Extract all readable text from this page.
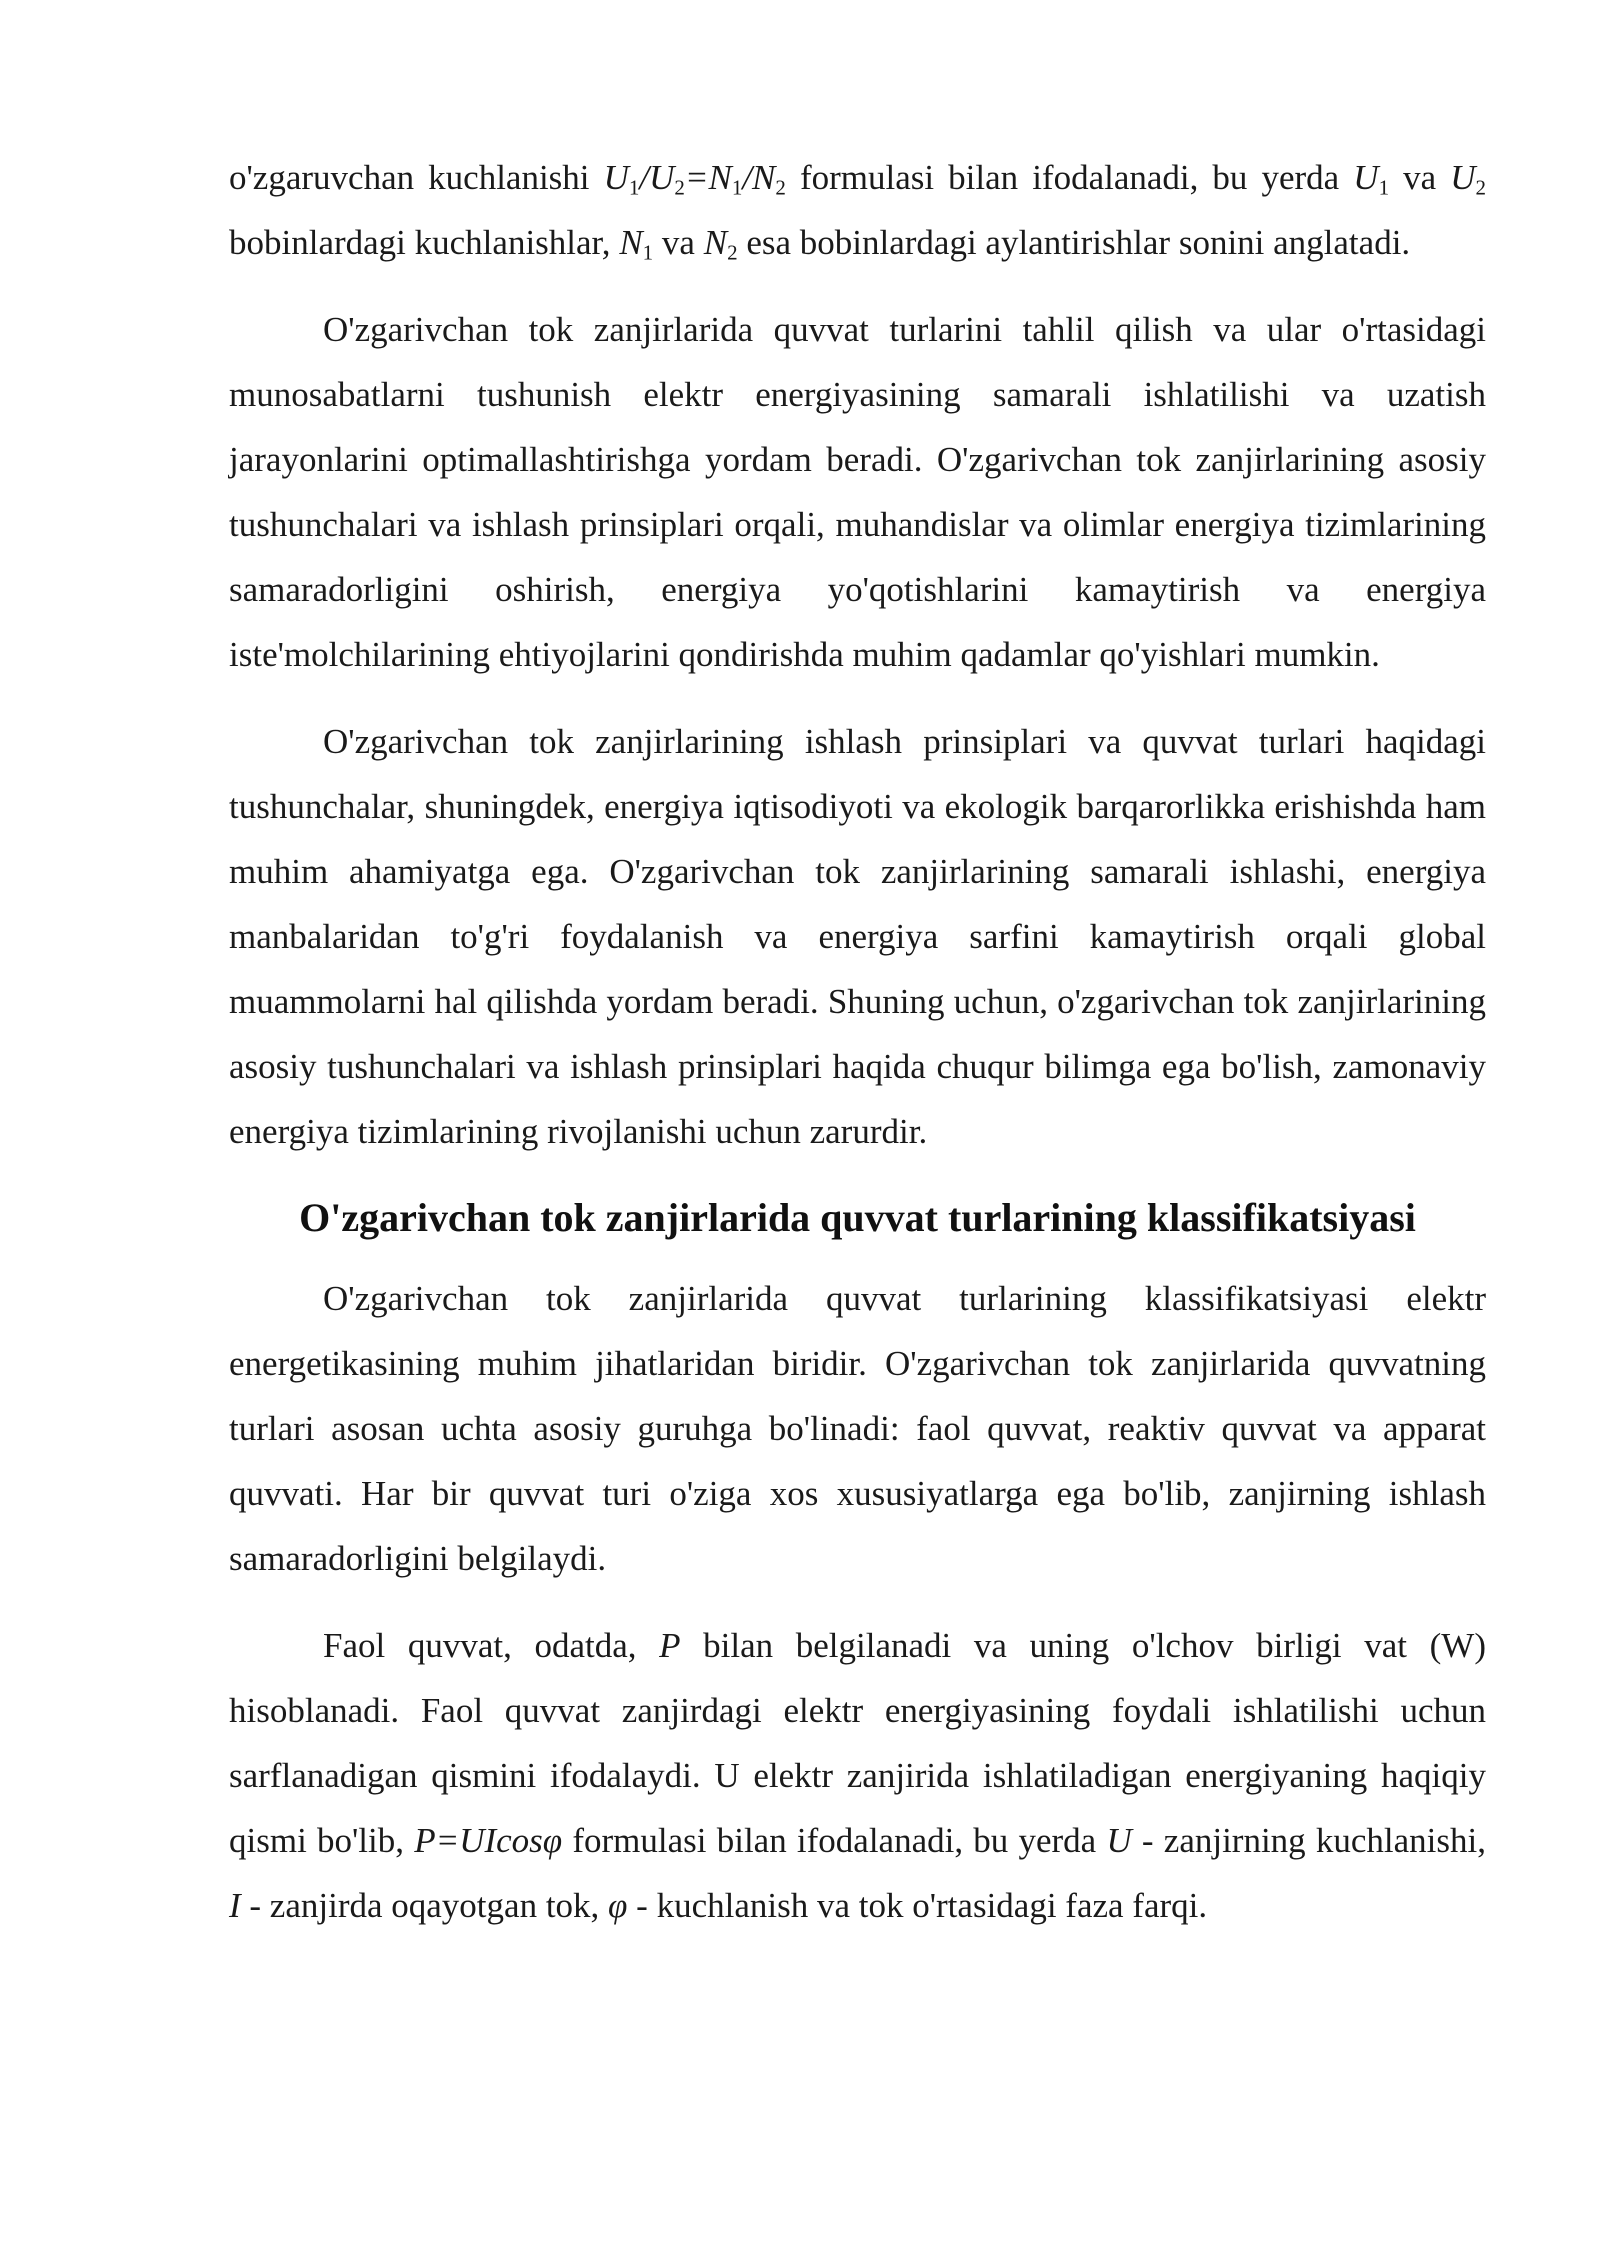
o'zgaruvchan kuchlanishi $U_1/U_2=N_1/N_2$ formulasi bilan ifodalanadi, bu yerda $U_1$ va $U_2$ bobinlardagi kuchlanishlar, $N_1$ va $N_2$ esa bobinlardagi aylantirishlar sonini anglatadi.

O'zgarivchan tok zanjirlarida quvvat turlarini tahlil qilish va ular o'rtasidagi munosabatlarni tushunish elektr energiyasining samarali ishlatilishi va uzatish jarayonlarini optimallashtirishga yordam beradi. O'zgarivchan tok zanjirlarining asosiy tushunchalari va ishlash prinsiplari orqali, muhandislar va olimlar energiya tizimlarining samaradorligini oshirish, energiya yo'qotishlarini kamaytirish va energiya iste'molchilarining ehtiyojlarini qondirishda muhim qadamlar qo'yishlari mumkin.

O'zgarivchan tok zanjirlarining ishlash prinsiplari va quvvat turlari haqidagi tushunchalar, shuningdek, energiya iqtisodiyoti va ekologik barqarorlikka erishishda ham muhim ahamiyatga ega. O'zgarivchan tok zanjirlarining samarali ishlashi, energiya manbalaridan to'g'ri foydalanish va energiya sarfini kamaytirish orqali global muammolarni hal qilishda yordam beradi. Shuning uchun, o'zgarivchan tok zanjirlarining asosiy tushunchalari va ishlash prinsiplari haqida chuqur bilimga ega bo'lish, zamonaviy energiya tizimlarining rivojlanishi uchun zarurdir.

O'zgarivchan tok zanjirlarida quvvat turlarining klassifikatsiyasi

O'zgarivchan tok zanjirlarida quvvat turlarining klassifikatsiyasi elektr energetikasining muhim jihatlaridan biridir. O'zgarivchan tok zanjirlarida quvvatning turlari asosan uchta asosiy guruhga bo'linadi: faol quvvat, reaktiv quvvat va apparat quvvati. Har bir quvvat turi o'ziga xos xususiyatlarga ega bo'lib, zanjirning ishlash samaradorligini belgilaydi.

Faol quvvat, odatda, P bilan belgilanadi va uning o'lchov birligi vat (W) hisoblanadi. Faol quvvat zanjirdagi elektr energiyasining foydali ishlatilishi uchun sarflanadigan qismini ifodalaydi. U elektr zanjirida ishlatiladigan energiyaning haqiqiy qismi bo'lib, P=UIcosφ formulasi bilan ifodalanadi, bu yerda U - zanjirning kuchlanishi, I - zanjirda oqayotgan tok, φ - kuchlanish va tok o'rtasidagi faza farqi.
